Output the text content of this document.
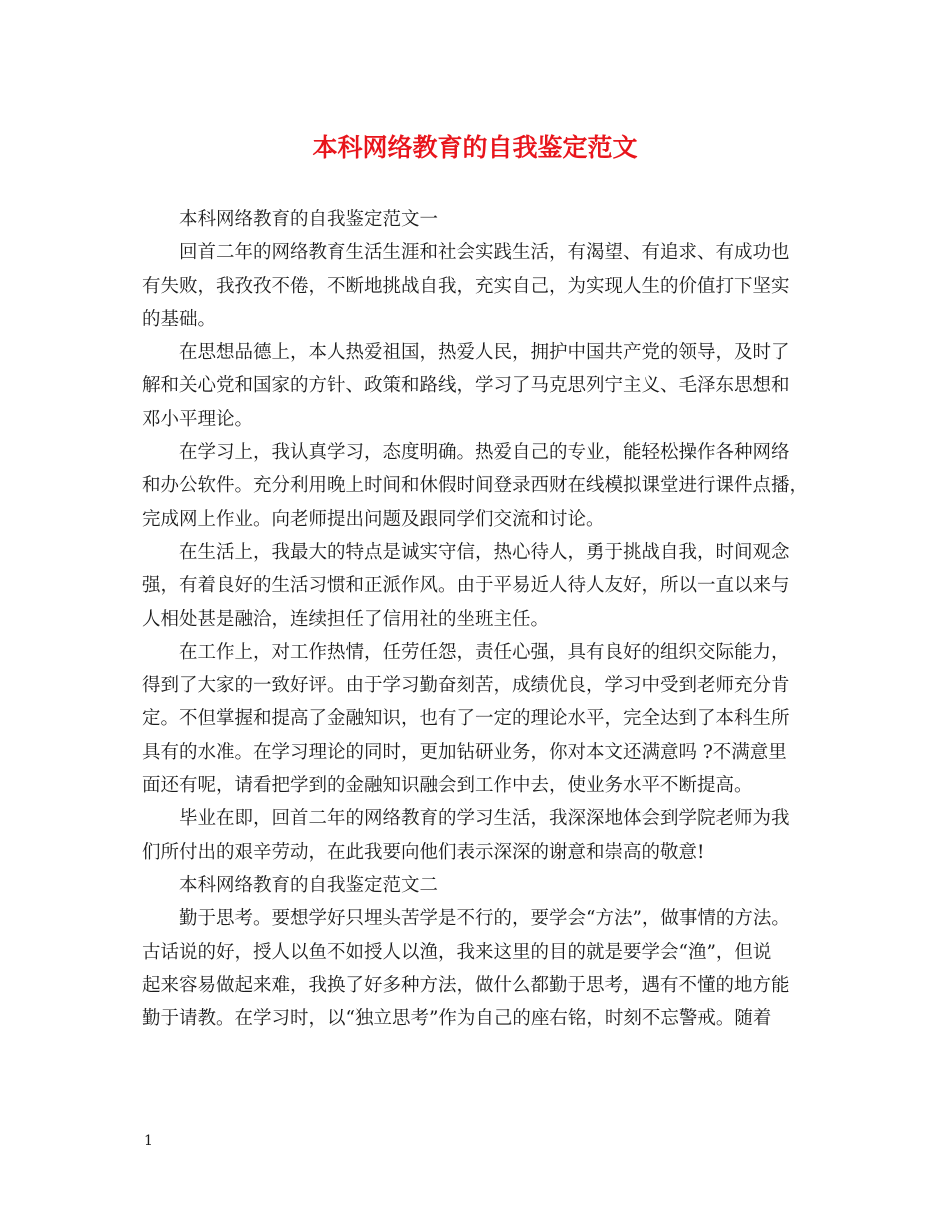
本科网络教育的自我鉴定范文
本科网络教育的自我鉴定范文一
回首二年的网络教育生活生涯和社会实践生活，有渴望、有追求、有成功也
有失败，我孜孜不倦，不断地挑战自我，充实自己，为实现人生的价值打下坚实
的基础。
在思想品德上，本人热爱祖国，热爱人民，拥护中国共产党的领导，及时了
解和关心党和国家的方针、政策和路线，学习了马克思列宁主义、毛泽东思想和
邓小平理论。
在学习上，我认真学习，态度明确。热爱自己的专业，能轻松操作各种网络
和办公软件。充分利用晚上时间和休假时间登录西财在线模拟课堂进行课件点播，
完成网上作业。向老师提出问题及跟同学们交流和讨论。
在生活上，我最大的特点是诚实守信，热心待人，勇于挑战自我，时间观念
强，有着良好的生活习惯和正派作风。由于平易近人待人友好，所以一直以来与
人相处甚是融洽，连续担任了信用社的坐班主任。
在工作上，对工作热情，任劳任怨，责任心强，具有良好的组织交际能力，
得到了大家的一致好评。由于学习勤奋刻苦，成绩优良，学习中受到老师充分肯
定。不但掌握和提高了金融知识，也有了一定的理论水平，完全达到了本科生所
具有的水准。在学习理论的同时，更加钻研业务，你对本文还满意吗 ?不满意里
面还有呢，请看把学到的金融知识融会到工作中去，使业务水平不断提高。
毕业在即，回首二年的网络教育的学习生活，我深深地体会到学院老师为我
们所付出的艰辛劳动，在此我要向他们表示深深的谢意和崇高的敬意!
本科网络教育的自我鉴定范文二
勤于思考。要想学好只埋头苦学是不行的，要学会“方法”，做事情的方法。
古话说的好，授人以鱼不如授人以渔，我来这里的目的就是要学会“渔”，但说
起来容易做起来难，我换了好多种方法，做什么都勤于思考，遇有不懂的地方能
勤于请教。在学习时，以“独立思考”作为自己的座右铭，时刻不忘警戒。随着
1
